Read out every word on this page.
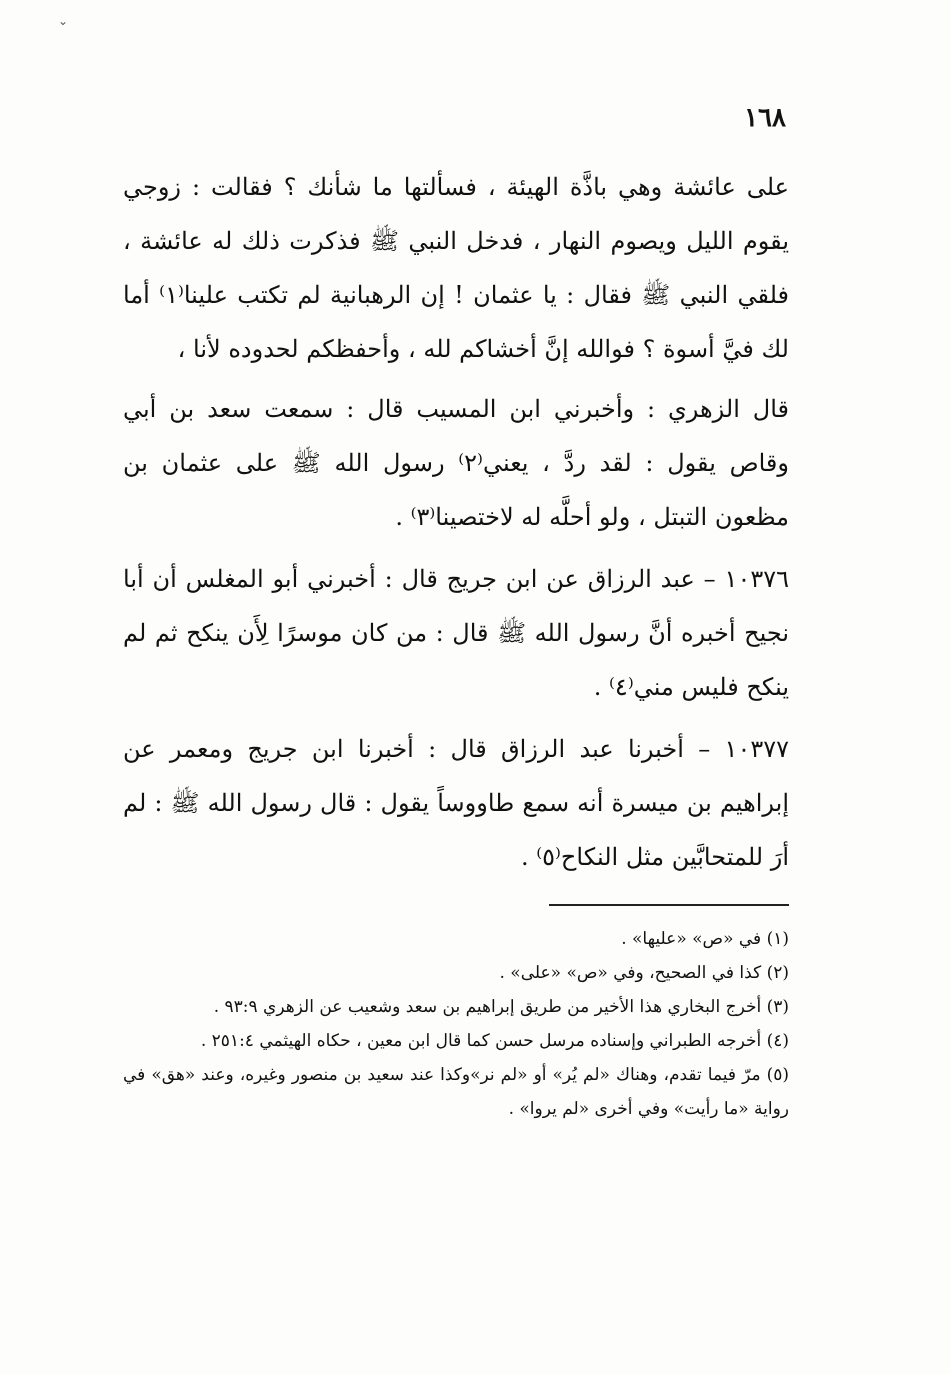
⌄
١٦٨

على عائشة وهي باذَّة الهيئة ، فسألتها ما شأنك ؟ فقالت : زوجي يقوم الليل ويصوم النهار ، فدخل النبي ﷺ فذكرت ذلك له عائشة ، فلقي النبي ﷺ فقال : يا عثمان ! إن الرهبانية لم تكتب علينا⁽١⁾ أما لك فيَّ أسوة ؟ فوالله إنَّ أخشاكم لله ، وأحفظكم لحدوده لأنا ،

قال الزهري : وأخبرني ابن المسيب قال : سمعت سعد بن أبي وقاص يقول : لقد ردَّ ، يعني⁽٢⁾ رسول الله ﷺ على عثمان بن مظعون التبتل ، ولو أحلَّه له لاختصينا⁽٣⁾ .

١٠٣٧٦ – عبد الرزاق عن ابن جريج قال : أخبرني أبو المغلس أن أبا نجيح أخبره أنَّ رسول الله ﷺ قال : من كان موسرًا لِأَن ينكح ثم لم ينكح فليس مني⁽٤⁾ .

١٠٣٧٧ – أخبرنا عبد الرزاق قال : أخبرنا ابن جريج ومعمر عن إبراهيم بن ميسرة أنه سمع طاووساً يقول : قال رسول الله ﷺ : لم أرَ للمتحابَّين مثل النكاح⁽٥⁾ .

(١) في «ص» «عليها» .

(٢) كذا في الصحيح، وفي «ص» «على» .

(٣) أخرج البخاري هذا الأخير من طريق إبراهيم بن سعد وشعيب عن الزهري ٩٣:٩ .

(٤) أخرجه الطبراني وإسناده مرسل حسن كما قال ابن معين ، حكاه الهيثمي ٢٥١:٤ .

(٥) مرّ فيما تقدم، وهناك «لم يُر» أو «لم نر»وكذا عند سعيد بن منصور وغيره، وعند «هق» في رواية «ما رأيت» وفي أخرى «لم يروا» .
